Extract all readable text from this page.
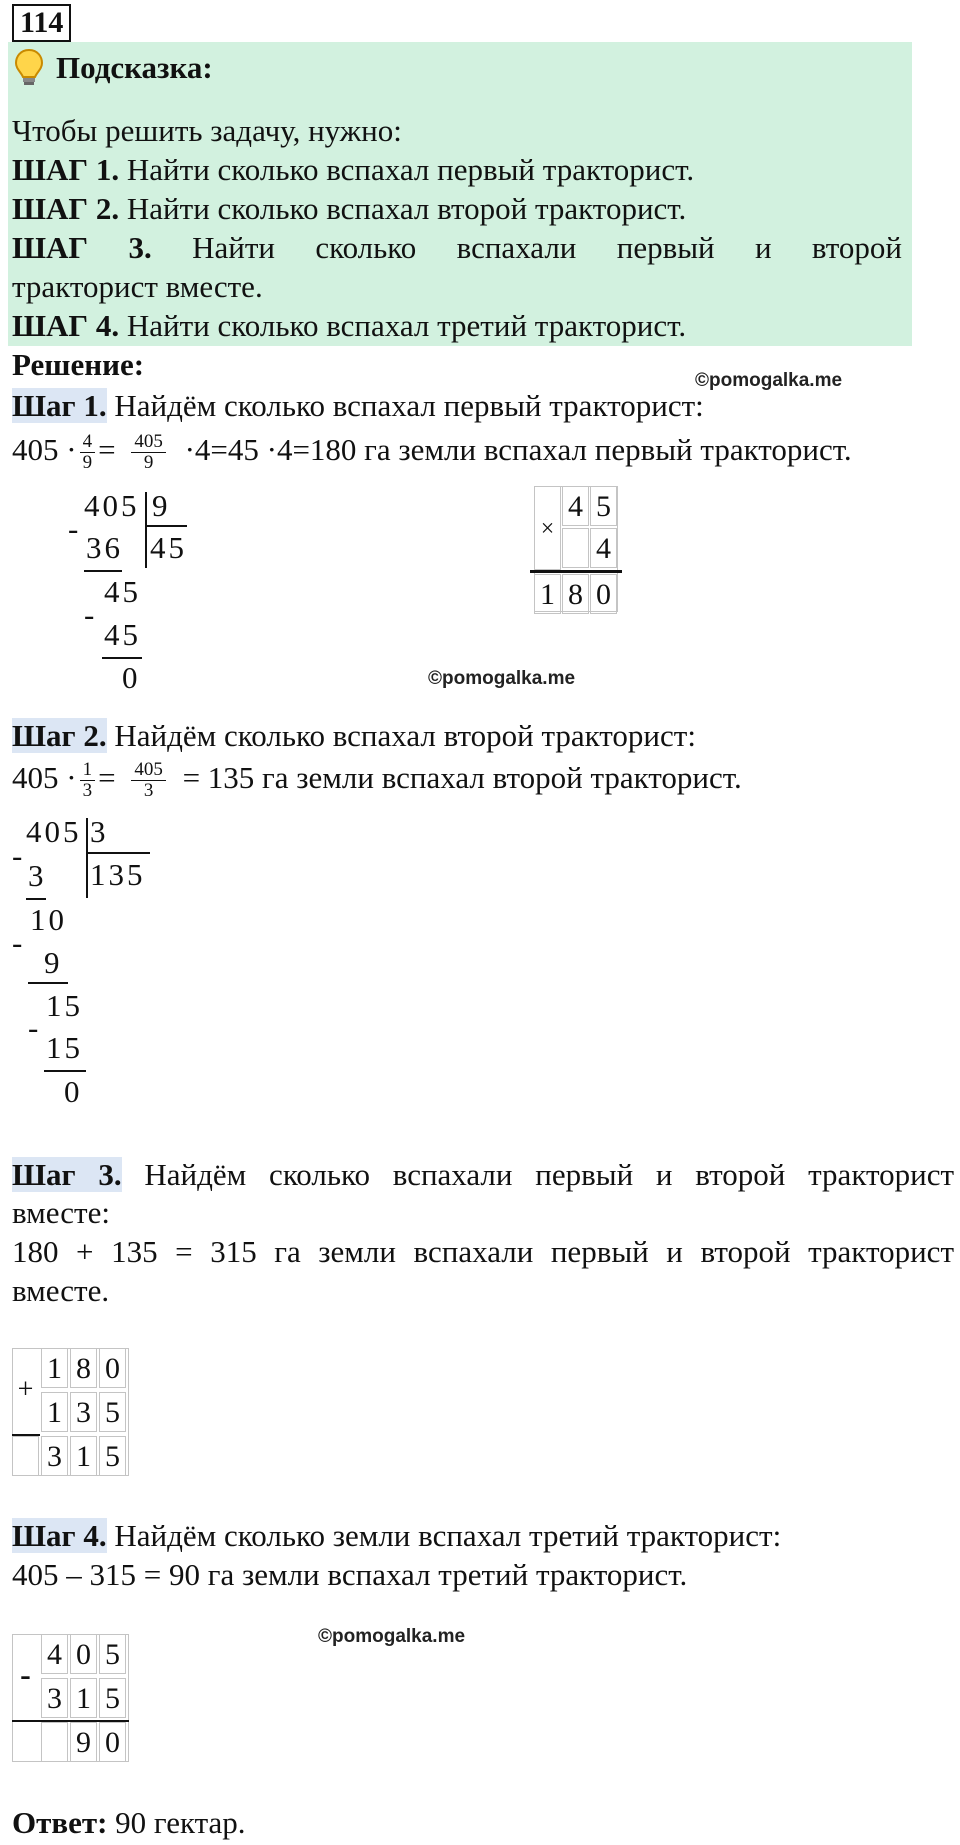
114
Подсказка:
Чтобы решить задачу, нужно:
ШАГ 1. Найти сколько вспахал первый тракторист.
ШАГ 2. Найти сколько вспахал второй тракторист.
ШАГ 3. Найти сколько вспахали первый и второй
тракторист вместе.
ШАГ 4. Найти сколько вспахал третий тракторист.
Решение:	©pomogalka.me
Шаг 1. Найдём сколько вспахал первый тракторист:
$405 \cdot \frac{4}{9} = \frac{405}{9} \cdot 4=45 \cdot 4=180$ га земли вспахал первый тракторист.
405 9
45
-
36
45
-
45
0
×
4 5
4
1 8 0
©pomogalka.me
Шаг 2. Найдём сколько вспахал второй тракторист:
$405 \cdot \frac{1}{3} = \frac{405}{3} = 135$ га земли вспахал второй тракторист.
405 3
135
-
3
10
-
9
15
-
15
0
Шаг 3. Найдём сколько вспахали первый и второй тракторист
вместе:
180 + 135 = 315 га земли вспахали первый и второй тракторист
вместе.
+
1 8 0
1 3 5
3 1 5
Шаг 4. Найдём сколько земли вспахал третий тракторист:
405 – 315 = 90 га земли вспахал третий тракторист.
©pomogalka.me
-
4 0 5
3 1 5
9 0
Ответ: 90 гектар.
